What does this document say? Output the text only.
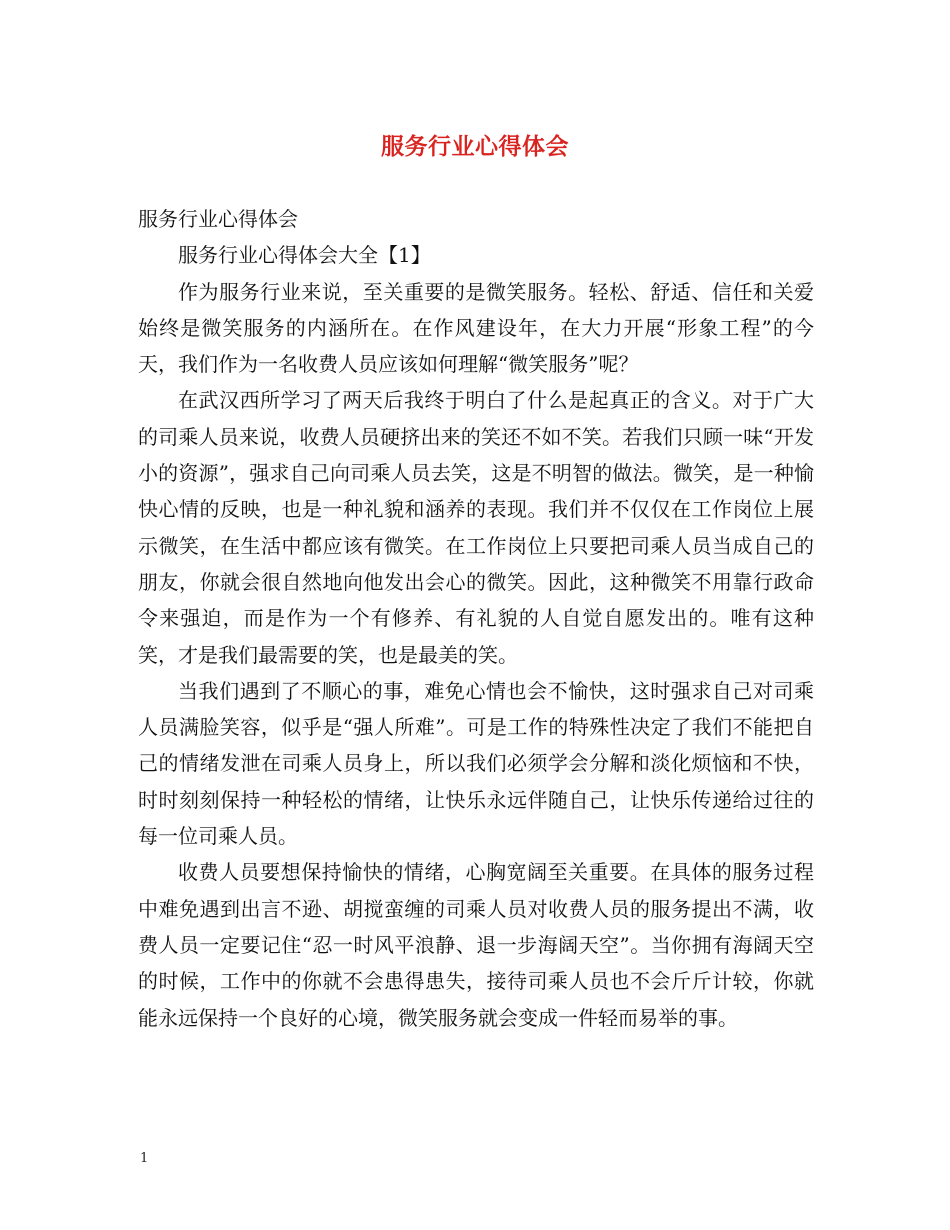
服务行业心得体会

服务行业心得体会

服务行业心得体会大全【1】

作为服务行业来说，至关重要的是微笑服务。轻松、舒适、信任和关爱始终是微笑服务的内涵所在。在作风建设年，在大力开展“形象工程”的今天，我们作为一名收费人员应该如何理解“微笑服务”呢？

在武汉西所学习了两天后我终于明白了什么是起真正的含义。对于广大的司乘人员来说，收费人员硬挤出来的笑还不如不笑。若我们只顾一味“开发小的资源”，强求自己向司乘人员去笑，这是不明智的做法。微笑，是一种愉快心情的反映，也是一种礼貌和涵养的表现。我们并不仅仅在工作岗位上展示微笑，在生活中都应该有微笑。在工作岗位上只要把司乘人员当成自己的朋友，你就会很自然地向他发出会心的微笑。因此，这种微笑不用靠行政命令来强迫，而是作为一个有修养、有礼貌的人自觉自愿发出的。唯有这种笑，才是我们最需要的笑，也是最美的笑。

当我们遇到了不顺心的事，难免心情也会不愉快，这时强求自己对司乘人员满脸笑容，似乎是“强人所难”。可是工作的特殊性决定了我们不能把自己的情绪发泄在司乘人员身上，所以我们必须学会分解和淡化烦恼和不快，时时刻刻保持一种轻松的情绪，让快乐永远伴随自己，让快乐传递给过往的每一位司乘人员。

收费人员要想保持愉快的情绪，心胸宽阔至关重要。在具体的服务过程中难免遇到出言不逊、胡搅蛮缠的司乘人员对收费人员的服务提出不满，收费人员一定要记住“忍一时风平浪静、退一步海阔天空”。当你拥有海阔天空的时候，工作中的你就不会患得患失，接待司乘人员也不会斤斤计较，你就能永远保持一个良好的心境，微笑服务就会变成一件轻而易举的事。

1
